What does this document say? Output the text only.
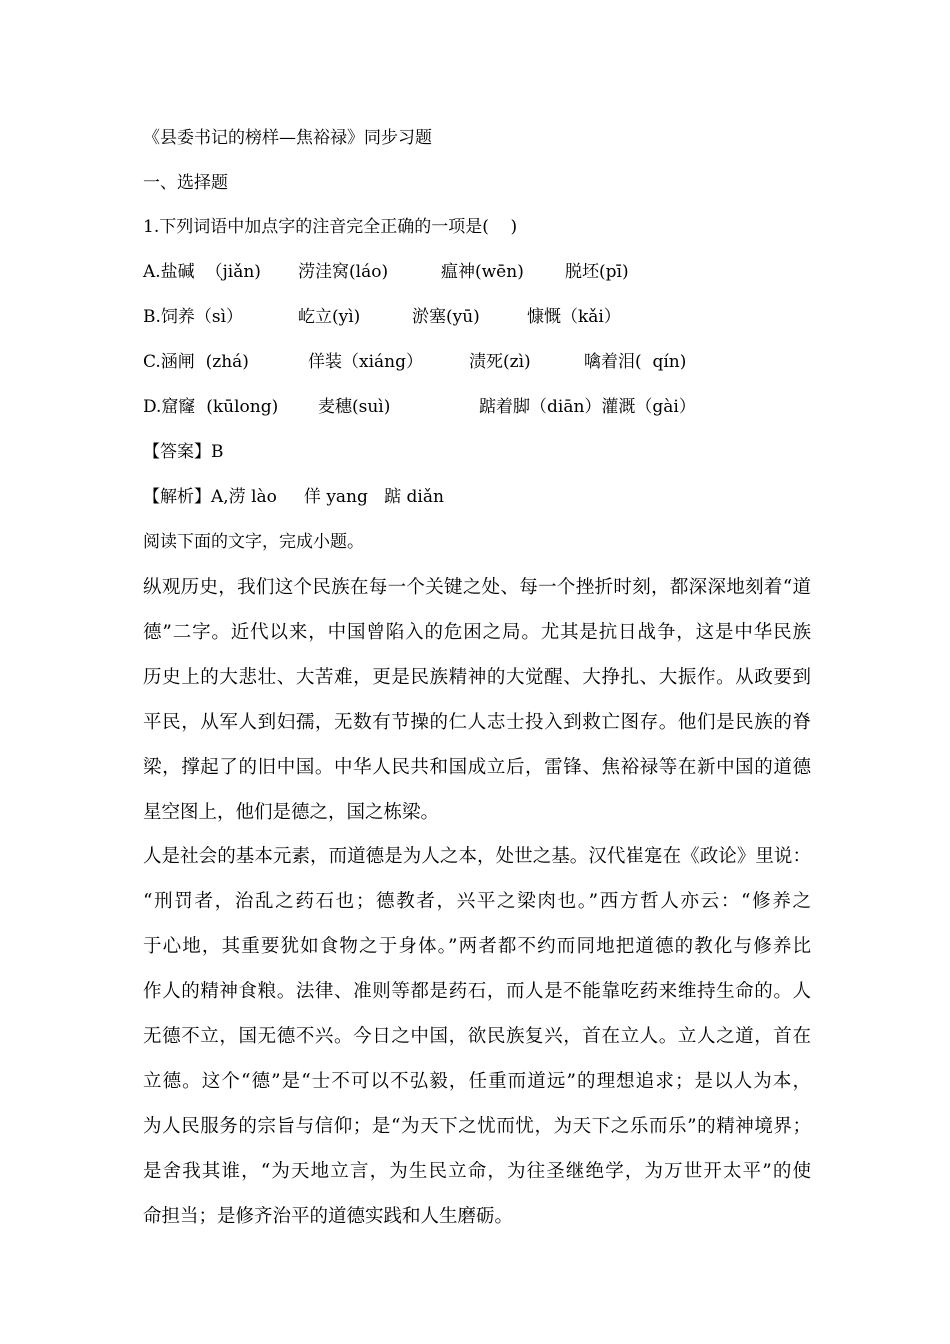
《县委书记的榜样—焦裕禄》同步习题
一、选择题
1.下列词语中加点字的注音完全正确的一项是(    )
A.盐碱  （jiǎn) 涝洼窝(láo)	瘟神(wēn) 脱坯(pī)
B.饲养（sì）	屹立(yì)	淤塞(yū)	慷慨（kǎi）
C.涵闸  (zhá)	佯装（xiáng）	渍死(zì)	噙着泪(  qín)
D.窟窿  (kūlong) 麦穗(suì)	踮着脚（diān）灌溉（gài）
【答案】B
【解析】A,涝 lào     佯 yang   踮 diǎn
阅读下面的文字，完成小题。
纵观历史，我们这个民族在每一个关键之处、每一个挫折时刻，都深深地刻着“道
德”二字。近代以来，中国曾陷入的危困之局。尤其是抗日战争，这是中华民族
历史上的大悲壮、大苦难，更是民族精神的大觉醒、大挣扎、大振作。从政要到
平民，从军人到妇孺，无数有节操的仁人志士投入到救亡图存。他们是民族的脊
梁，撑起了的旧中国。中华人民共和国成立后，雷锋、焦裕禄等在新中国的道德
星空图上，他们是德之，国之栋梁。
人是社会的基本元素，而道德是为人之本，处世之基。汉代崔寔在《政论》里说：
“刑罚者，治乱之药石也；德教者，兴平之梁肉也。”西方哲人亦云：“修养之
于心地，其重要犹如食物之于身体。”两者都不约而同地把道德的教化与修养比
作人的精神食粮。法律、准则等都是药石，而人是不能靠吃药来维持生命的。人
无德不立，国无德不兴。今日之中国，欲民族复兴，首在立人。立人之道，首在
立德。这个“德”是“士不可以不弘毅，任重而道远”的理想追求；是以人为本，
为人民服务的宗旨与信仰；是“为天下之忧而忧，为天下之乐而乐”的精神境界；
是舍我其谁，“为天地立言，为生民立命，为往圣继绝学，为万世开太平”的使
命担当；是修齐治平的道德实践和人生磨砺。
